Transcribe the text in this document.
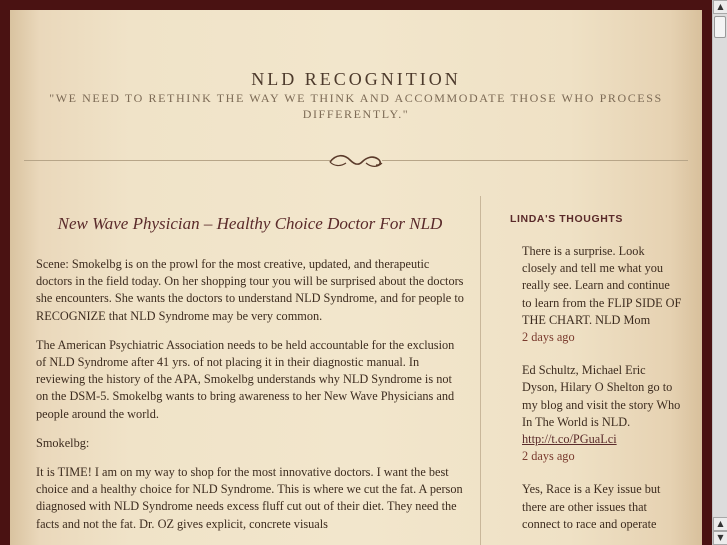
NLD RECOGNITION

"WE NEED TO RETHINK THE WAY WE THINK AND ACCOMMODATE THOSE WHO PROCESS DIFFERENTLY."

New Wave Physician – Healthy Choice Doctor For NLD

Scene: Smokelbg is on the prowl for the most creative, updated, and therapeutic doctors in the field today. On her shopping tour you will be surprised about the doctors she encounters. She wants the doctors to understand NLD Syndrome, and for people to RECOGNIZE that NLD Syndrome may be very common.

The American Psychiatric Association needs to be held accountable for the exclusion of NLD Syndrome after 41 yrs. of not placing it in their diagnostic manual. In reviewing the history of the APA, Smokelbg understands why NLD Syndrome is not on the DSM-5. Smokelbg wants to bring awareness to her New Wave Physicians and people around the world.

Smokelbg:

It is TIME! I am on my way to shop for the most innovative doctors. I want the best choice and a healthy choice for NLD Syndrome. This is where we cut the fat. A person diagnosed with NLD Syndrome needs excess fluff cut out of their diet. They need the facts and not the fat. Dr. OZ gives explicit, concrete visuals

LINDA'S THOUGHTS
There is a surprise. Look closely and tell me what you really see. Learn and continue to learn from the FLIP SIDE OF THE CHART. NLD Mom
2 days ago
Ed Schultz, Michael Eric Dyson, Hilary O Shelton go to my blog and visit the story Who In The World is NLD. http://t.co/PGuaLci
2 days ago
Yes, Race is a Key issue but there are other issues that connect to race and operate
▲
▲
▼
